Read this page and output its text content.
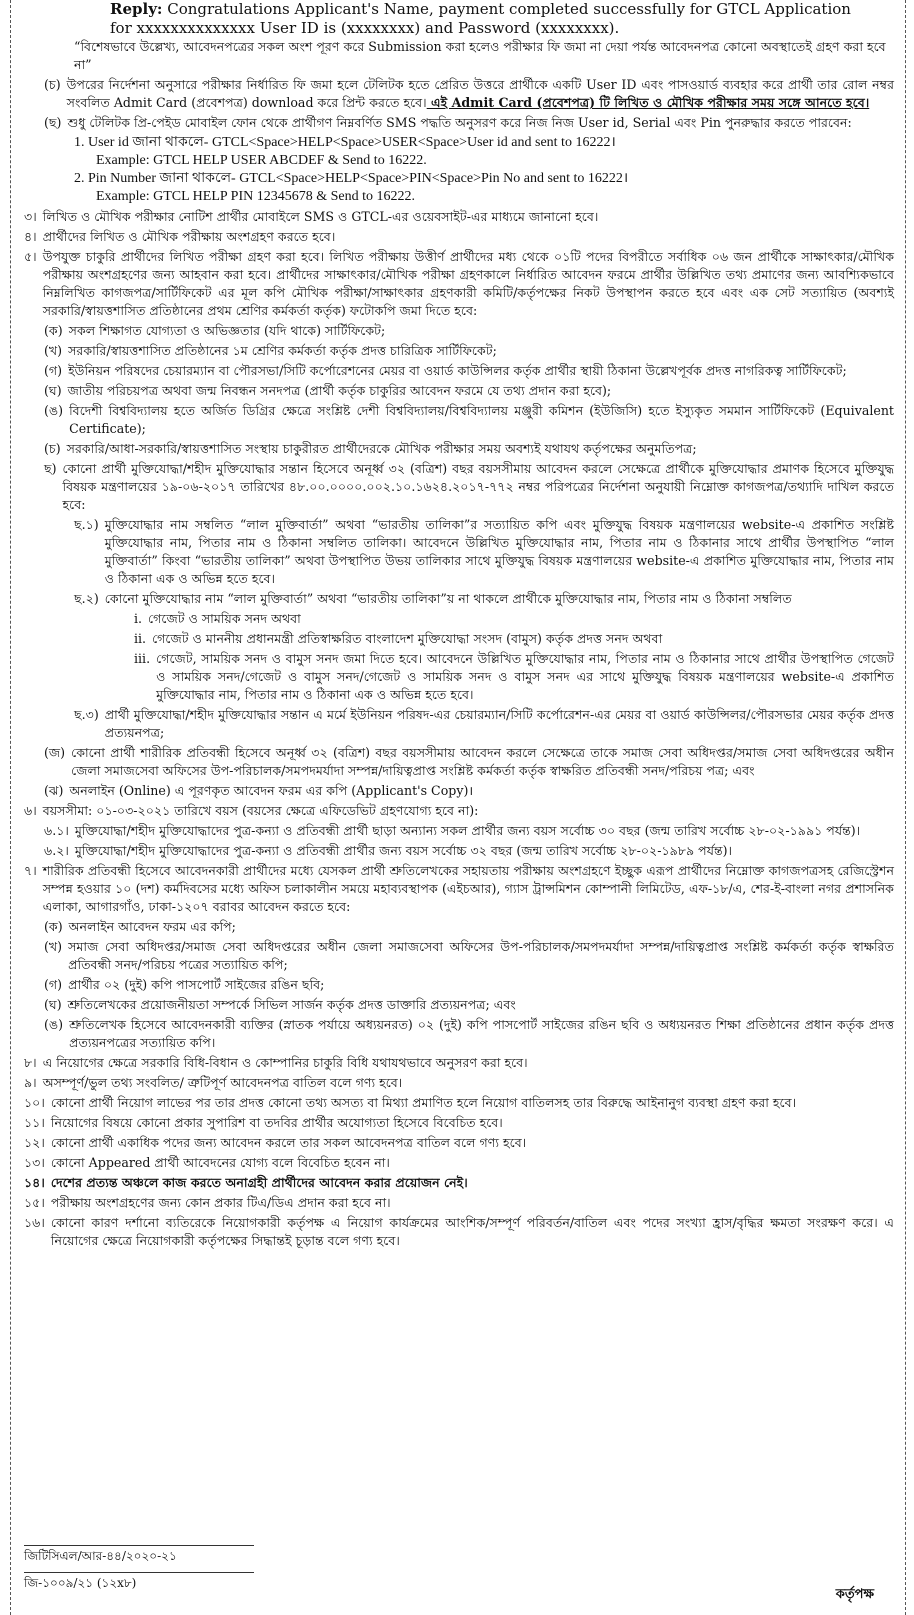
Reply: Congratulations Applicant's Name, payment completed successfully for GTCL Application

for xxxxxxxxxxxxxx User ID is (xxxxxxxx) and Password (xxxxxxxx).

“বিশেষভাবে উল্লেখ্য, আবেদনপত্রের সকল অংশ পূরণ করে Submission করা হলেও পরীক্ষার ফি জমা না দেয়া পর্যন্ত আবেদনপত্র কোনো অবস্থাতেই গ্রহণ করা হবে না”

(চ) উপরের নির্দেশনা অনুসারে পরীক্ষার নির্ধারিত ফি জমা হলে টেলিটক হতে প্রেরিত উত্তরে প্রার্থীকে একটি User ID এবং পাসওয়ার্ড ব্যবহার করে প্রার্থী তার রোল নম্বর সংবলিত Admit Card (প্রবেশপত্র) download করে প্রিন্ট করতে হবে। এই Admit Card (প্রবেশপত্র) টি লিখিত ও মৌখিক পরীক্ষার সময় সঙ্গে আনতে হবে।
(ছ) শুধু টেলিটক প্রি-পেইড মোবাইল ফোন থেকে প্রার্থীগণ নিম্নবর্ণিত SMS পদ্ধতি অনুসরণ করে নিজ নিজ User id, Serial এবং Pin পুনরুদ্ধার করতে পারবেন:

1. User id জানা থাকলে- GTCL<Space>HELP<Space>USER<Space>User id and sent to 16222।

Example: GTCL HELP USER ABCDEF & Send to 16222.

2. Pin Number জানা থাকলে- GTCL<Space>HELP<Space>PIN<Space>Pin No and sent to 16222।

Example: GTCL HELP PIN 12345678 & Send to 16222.

৩। লিখিত ও মৌখিক পরীক্ষার নোটিশ প্রার্থীর মোবাইলে SMS ও GTCL-এর ওয়েবসাইট-এর মাধ্যমে জানানো হবে।
৪। প্রার্থীদের লিখিত ও মৌখিক পরীক্ষায় অংশগ্রহণ করতে হবে।
৫। উপযুক্ত চাকুরি প্রার্থীদের লিখিত পরীক্ষা গ্রহণ করা হবে। লিখিত পরীক্ষায় উত্তীর্ণ প্রার্থীদের মধ্য থেকে ০১টি পদের বিপরীতে সর্বাধিক ০৬ জন প্রার্থীকে সাক্ষাৎকার/মৌখিক পরীক্ষায় অংশগ্রহণের জন্য আহবান করা হবে। প্রার্থীদের সাক্ষাৎকার/মৌখিক পরীক্ষা গ্রহণকালে নির্ধারিত আবেদন ফরমে প্রার্থীর উল্লিখিত তথ্য প্রমাণের জন্য আবশ্যিকভাবে নিম্নলিখিত কাগজপত্র/সার্টিফিকেট এর মূল কপি মৌখিক পরীক্ষা/সাক্ষাৎকার গ্রহণকারী কমিটি/কর্তৃপক্ষের নিকট উপস্থাপন করতে হবে এবং এক সেট সত্যায়িত (অবশ্যই সরকারি/স্বায়ত্তশাসিত প্রতিষ্ঠানের প্রথম শ্রেণির কর্মকর্তা কর্তৃক) ফটোকপি জমা দিতে হবে:
(ক) সকল শিক্ষাগত যোগ্যতা ও অভিজ্ঞতার (যদি থাকে) সার্টিফিকেট;
(খ) সরকারি/স্বায়ত্তশাসিত প্রতিষ্ঠানের ১ম শ্রেণির কর্মকর্তা কর্তৃক প্রদত্ত চারিত্রিক সার্টিফিকেট;
(গ) ইউনিয়ন পরিষদের চেয়ারম্যান বা পৌরসভা/সিটি কর্পোরেশনের মেয়র বা ওয়ার্ড কাউন্সিলর কর্তৃক প্রার্থীর স্থায়ী ঠিকানা উল্লেখপূর্বক প্রদত্ত নাগরিকত্ব সার্টিফিকেট;
(ঘ) জাতীয় পরিচয়পত্র অথবা জন্ম নিবন্ধন সনদপত্র (প্রার্থী কর্তৃক চাকুরির আবেদন ফরমে যে তথ্য প্রদান করা হবে);
(ঙ) বিদেশী বিশ্ববিদ্যালয় হতে অর্জিত ডিগ্রির ক্ষেত্রে সংশ্লিষ্ট দেশী বিশ্ববিদ্যালয়/বিশ্ববিদ্যালয় মঞ্জুরী কমিশন (ইউজিসি) হতে ইস্যুকৃত সমমান সার্টিফিকেট (Equivalent Certificate);
(চ) সরকারি/আধা-সরকারি/স্বায়ত্তশাসিত সংস্থায় চাকুরীরত প্রার্থীদেরকে মৌখিক পরীক্ষার সময় অবশ্যই যথাযথ কর্তৃপক্ষের অনুমতিপত্র;
ছ) কোনো প্রার্থী মুক্তিযোদ্ধা/শহীদ মুক্তিযোদ্ধার সন্তান হিসেবে অনূর্ধ্ব ৩২ (বত্রিশ) বছর বয়সসীমায় আবেদন করলে সেক্ষেত্রে প্রার্থীকে মুক্তিযোদ্ধার প্রমাণক হিসেবে মুক্তিযুদ্ধ বিষয়ক মন্ত্রণালয়ের ১৯-০৬-২০১৭ তারিখের ৪৮.০০.০০০০.০০২.১০.১৬২৪.২০১৭-৭৭২ নম্বর পরিপত্রের নির্দেশনা অনুযায়ী নিম্নোক্ত কাগজপত্র/তথ্যাদি দাখিল করতে হবে:
ছ.১) মুক্তিযোদ্ধার নাম সম্বলিত “লাল মুক্তিবার্তা” অথবা “ভারতীয় তালিকা”র সত্যায়িত কপি এবং মুক্তিযুদ্ধ বিষয়ক মন্ত্রণালয়ের website-এ প্রকাশিত সংশ্লিষ্ট মুক্তিযোদ্ধার নাম, পিতার নাম ও ঠিকানা সম্বলিত তালিকা। আবেদনে উল্লিখিত মুক্তিযোদ্ধার নাম, পিতার নাম ও ঠিকানার সাথে প্রার্থীর উপস্থাপিত “লাল মুক্তিবার্তা” কিংবা “ভারতীয় তালিকা” অথবা উপস্থাপিত উভয় তালিকার সাথে মুক্তিযুদ্ধ বিষয়ক মন্ত্রণালয়ের website-এ প্রকাশিত মুক্তিযোদ্ধার নাম, পিতার নাম ও ঠিকানা এক ও অভিন্ন হতে হবে।
ছ.২) কোনো মুক্তিযোদ্ধার নাম “লাল মুক্তিবার্তা” অথবা “ভারতীয় তালিকা”য় না থাকলে প্রার্থীকে মুক্তিযোদ্ধার নাম, পিতার নাম ও ঠিকানা সম্বলিত
i. গেজেট ও সাময়িক সনদ অথবা
ii. গেজেট ও মাননীয় প্রধানমন্ত্রী প্রতিস্বাক্ষরিত বাংলাদেশ মুক্তিযোদ্ধা সংসদ (বামুস) কর্তৃক প্রদত্ত সনদ অথবা
iii. গেজেট, সাময়িক সনদ ও বামুস সনদ জমা দিতে হবে। আবেদনে উল্লিখিত মুক্তিযোদ্ধার নাম, পিতার নাম ও ঠিকানার সাথে প্রার্থীর উপস্থাপিত গেজেট ও সাময়িক সনদ/গেজেট ও বামুস সনদ/গেজেট ও সাময়িক সনদ ও বামুস সনদ এর সাথে মুক্তিযুদ্ধ বিষয়ক মন্ত্রণালয়ের website-এ প্রকাশিত মুক্তিযোদ্ধার নাম, পিতার নাম ও ঠিকানা এক ও অভিন্ন হতে হবে।
ছ.৩) প্রার্থী মুক্তিযোদ্ধা/শহীদ মুক্তিযোদ্ধার সন্তান এ মর্মে ইউনিয়ন পরিষদ-এর চেয়ারম্যান/সিটি কর্পোরেশন-এর মেয়র বা ওয়ার্ড কাউন্সিলর/পৌরসভার মেয়র কর্তৃক প্রদত্ত প্রত্যয়নপত্র;
(জ) কোনো প্রার্থী শারীরিক প্রতিবন্ধী হিসেবে অনূর্ধ্ব ৩২ (বত্রিশ) বছর বয়সসীমায় আবেদন করলে সেক্ষেত্রে তাকে সমাজ সেবা অধিদপ্তর/সমাজ সেবা অধিদপ্তরের অধীন জেলা সমাজসেবা অফিসের উপ-পরিচালক/সমপদমর্যাদা সম্পন্ন/দায়িত্বপ্রাপ্ত সংশ্লিষ্ট কর্মকর্তা কর্তৃক স্বাক্ষরিত প্রতিবন্ধী সনদ/পরিচয় পত্র; এবং
(ঝ) অনলাইন (Online) এ পূরণকৃত আবেদন ফরম এর কপি (Applicant's Copy)।
৬। বয়সসীমা: ০১-০৩-২০২১ তারিখে বয়স (বয়সের ক্ষেত্রে এফিডেভিট গ্রহণযোগ্য হবে না):
৬.১। মুক্তিযোদ্ধা/শহীদ মুক্তিযোদ্ধাদের পুত্র-কন্যা ও প্রতিবন্ধী প্রার্থী ছাড়া অন্যান্য সকল প্রার্থীর জন্য বয়স সর্বোচ্চ ৩০ বছর (জন্ম তারিখ সর্বোচ্চ ২৮-০২-১৯৯১ পর্যন্ত)।
৬.২। মুক্তিযোদ্ধা/শহীদ মুক্তিযোদ্ধাদের পুত্র-কন্যা ও প্রতিবন্ধী প্রার্থীর জন্য বয়স সর্বোচ্চ ৩২ বছর (জন্ম তারিখ সর্বোচ্চ ২৮-০২-১৯৮৯ পর্যন্ত)।
৭। শারীরিক প্রতিবন্ধী হিসেবে আবেদনকারী প্রার্থীদের মধ্যে যেসকল প্রার্থী শ্রুতিলেখকের সহায়তায় পরীক্ষায় অংশগ্রহণে ইচ্ছুক এরূপ প্রার্থীদের নিম্নোক্ত কাগজপত্রসহ রেজিস্ট্রেশন সম্পন্ন হওয়ার ১০ (দশ) কর্মদিবসের মধ্যে অফিস চলাকালীন সময়ে মহাব্যবস্থাপক (এইচআর), গ্যাস ট্রান্সমিশন কোম্পানী লিমিটেড, এফ-১৮/এ, শের-ই-বাংলা নগর প্রশাসনিক এলাকা, আগারগাঁও, ঢাকা-১২০৭ বরাবর আবেদন করতে হবে:
(ক) অনলাইন আবেদন ফরম এর কপি;
(খ) সমাজ সেবা অধিদপ্তর/সমাজ সেবা অধিদপ্তরের অধীন জেলা সমাজসেবা অফিসের উপ-পরিচালক/সমপদমর্যাদা সম্পন্ন/দায়িত্বপ্রাপ্ত সংশ্লিষ্ট কর্মকর্তা কর্তৃক স্বাক্ষরিত প্রতিবন্ধী সনদ/পরিচয় পত্রের সত্যায়িত কপি;
(গ) প্রার্থীর ০২ (দুই) কপি পাসপোর্ট সাইজের রঙিন ছবি;
(ঘ) শ্রুতিলেখকের প্রয়োজনীয়তা সম্পর্কে সিভিল সার্জন কর্তৃক প্রদত্ত ডাক্তারি প্রত্যয়নপত্র; এবং
(ঙ) শ্রুতিলেখক হিসেবে আবেদনকারী ব্যক্তির (স্নাতক পর্যায়ে অধ্যয়নরত) ০২ (দুই) কপি পাসপোর্ট সাইজের রঙিন ছবি ও অধ্যয়নরত শিক্ষা প্রতিষ্ঠানের প্রধান কর্তৃক প্রদত্ত প্রত্যয়নপত্রের সত্যায়িত কপি।
৮। এ নিয়োগের ক্ষেত্রে সরকারি বিধি-বিধান ও কোম্পানির চাকুরি বিধি যথাযথভাবে অনুসরণ করা হবে।
৯। অসম্পূর্ণ/ভুল তথ্য সংবলিত/ ত্রুটিপূর্ণ আবেদনপত্র বাতিল বলে গণ্য হবে।
১০। কোনো প্রার্থী নিয়োগ লাভের পর তার প্রদত্ত কোনো তথ্য অসত্য বা মিথ্যা প্রমাণিত হলে নিয়োগ বাতিলসহ তার বিরুদ্ধে আইনানুগ ব্যবস্থা গ্রহণ করা হবে।
১১। নিয়োগের বিষয়ে কোনো প্রকার সুপারিশ বা তদবির প্রার্থীর অযোগ্যতা হিসেবে বিবেচিত হবে।
১২। কোনো প্রার্থী একাধিক পদের জন্য আবেদন করলে তার সকল আবেদনপত্র বাতিল বলে গণ্য হবে।
১৩। কোনো Appeared প্রার্থী আবেদনের যোগ্য বলে বিবেচিত হবেন না।
১৪। দেশের প্রত্যন্ত অঞ্চলে কাজ করতে অনাগ্রহী প্রার্থীদের আবেদন করার প্রয়োজন নেই।
১৫। পরীক্ষায় অংশগ্রহণের জন্য কোন প্রকার টিএ/ডিএ প্রদান করা হবে না।
১৬। কোনো কারণ দর্শানো ব্যতিরেকে নিয়োগকারী কর্তৃপক্ষ এ নিয়োগ কার্যক্রমের আংশিক/সম্পূর্ণ পরিবর্তন/বাতিল এবং পদের সংখ্যা হ্রাস/বৃদ্ধির ক্ষমতা সংরক্ষণ করে। এ নিয়োগের ক্ষেত্রে নিয়োগকারী কর্তৃপক্ষের সিদ্ধান্তই চূড়ান্ত বলে গণ্য হবে।

জিটিসিএল/আর-৪৪/২০২০-২১

জি-১০০৯/২১ (১২x৮)

কর্তৃপক্ষ
